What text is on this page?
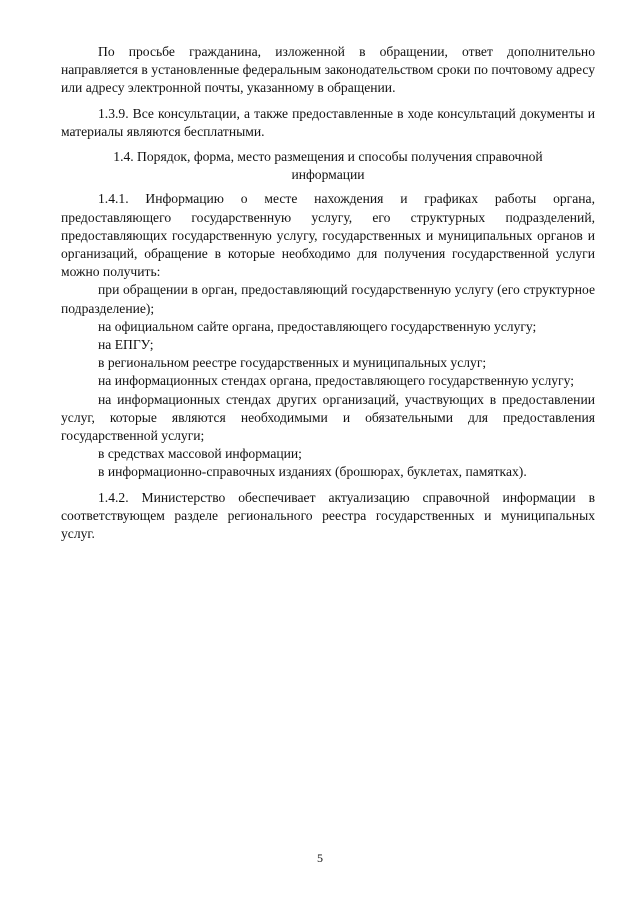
По просьбе гражданина, изложенной в обращении, ответ дополнительно направляется в установленные федеральным законодательством сроки по почтовому адресу или адресу электронной почты, указанному в обращении.

1.3.9. Все консультации, а также предоставленные в ходе консультаций документы и материалы являются бесплатными.

1.4. Порядок, форма, место размещения и способы получения справочной информации

1.4.1. Информацию о месте нахождения и графиках работы органа, предоставляющего государственную услугу, его структурных подразделений, предоставляющих государственную услугу, государственных и муниципальных органов и организаций, обращение в которые необходимо для получения государственной услуги можно получить:

при обращении в орган, предоставляющий государственную услугу (его структурное подразделение);

на официальном сайте органа, предоставляющего государственную услугу;

на ЕПГУ;

в региональном реестре государственных и муниципальных услуг;

на информационных стендах органа, предоставляющего государственную услугу;

на информационных стендах других организаций, участвующих в предоставлении услуг, которые являются необходимыми и обязательными для предоставления государственной услуги;

в средствах массовой информации;

в информационно-справочных изданиях (брошюрах, буклетах, памятках).

1.4.2. Министерство обеспечивает актуализацию справочной информации в соответствующем разделе регионального реестра государственных и муниципальных услуг.

5
